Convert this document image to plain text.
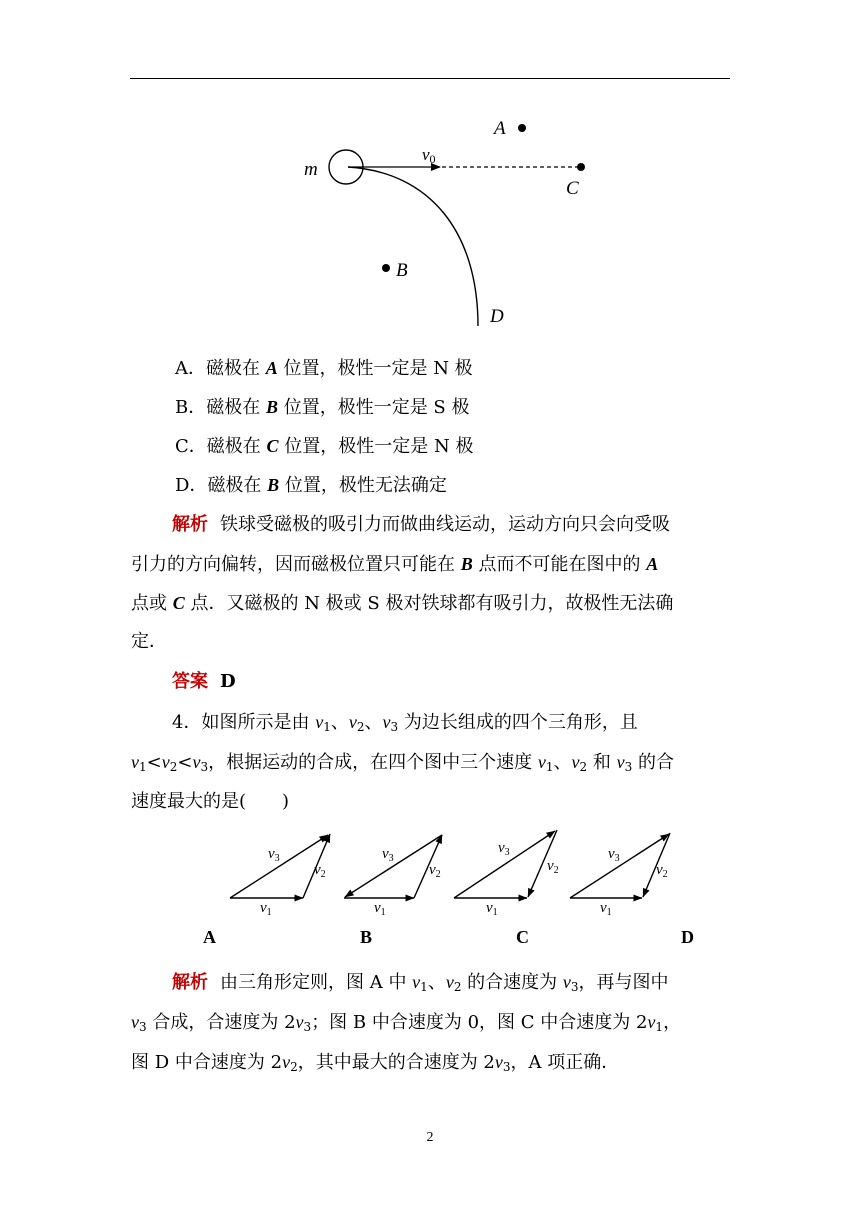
m
v0
A
C
B
D
A．磁极在 A 位置，极性一定是 N 极
B．磁极在 B 位置，极性一定是 S 极
C．磁极在 C 位置，极性一定是 N 极
D．磁极在 B 位置，极性无法确定
解析 铁球受磁极的吸引力而做曲线运动，运动方向只会向受吸
引力的方向偏转，因而磁极位置只可能在 B 点而不可能在图中的 A
点或 C 点．又磁极的 N 极或 S 极对铁球都有吸引力，故极性无法确
定．
答案 D
4．如图所示是由 $v_1$、$v_2$、$v_3$ 为边长组成的四个三角形，且
$v_1<v_2<v_3$，根据运动的合成，在四个图中三个速度 $v_1$、$v_2$ 和 $v_3$ 的合
速度最大的是(　　)
$v_3$
$v_2$
$v_1$
$v_3$
$v_2$
$v_1$
$v_3$
$v_2$
$v_1$
$v_3$
$v_2$
$v_1$
A	B	C	D
解析 由三角形定则，图 A 中 $v_1$、$v_2$ 的合速度为 $v_3$，再与图中
$v_3$ 合成，合速度为 $2v_3$；图 B 中合速度为 0，图 C 中合速度为 $2v_1$，
图 D 中合速度为 $2v_2$，其中最大的合速度为 $2v_3$，A 项正确．
2
